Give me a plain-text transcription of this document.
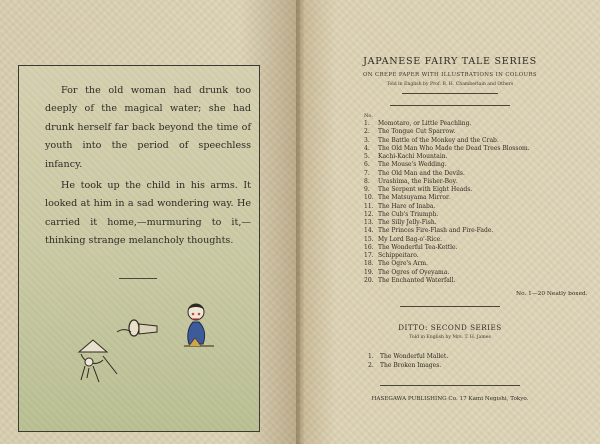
For the old woman had drunk too deeply of the magical water; she had drunk herself far back beyond the time of youth into the period of speechless infancy.

He took up the child in his arms. It looked at him in a sad wondering way. He carried it home,—murmuring to it,—thinking strange melancholy thoughts.

JAPANESE FAIRY TALE SERIES
ON CREPE PAPER WITH ILLUSTRATIONS IN COLOURS
Told in English by Prof. B. H. Chamberlain and Others
No.
1. Momotaro, or Little Peachling.
2. The Tongue Cut Sparrow.
3. The Battle of the Monkey and the Crab.
4. The Old Man Who Made the Dead Trees Blossom.
5. Kachi-Kachi Mountain.
6. The Mouse's Wedding.
7. The Old Man and the Devils.
8. Urashima, the Fisher-Boy.
9. The Serpent with Eight Heads.
10. The Matsuyama Mirror.
11. The Hare of Inaba.
12. The Cub's Triumph.
13. The Silly Jelly-Fish.
14. The Princes Fire-Flash and Fire-Fade.
15. My Lord Bag-o'-Rice.
16. The Wonderful Tea-Kettle.
17. Schippeitaro.
18. The Ogre's Arm.
19. The Ogres of Oyeyama.
20. The Enchanted Waterfall.
No. 1—20 Neatly boxed.
DITTO: SECOND SERIES
Told in English by Mrs. T. H. James
1. The Wonderful Mallet.
2. The Broken Images.
HASEGAWA PUBLISHING Co. 17 Kami Negishi, Tokyo.
